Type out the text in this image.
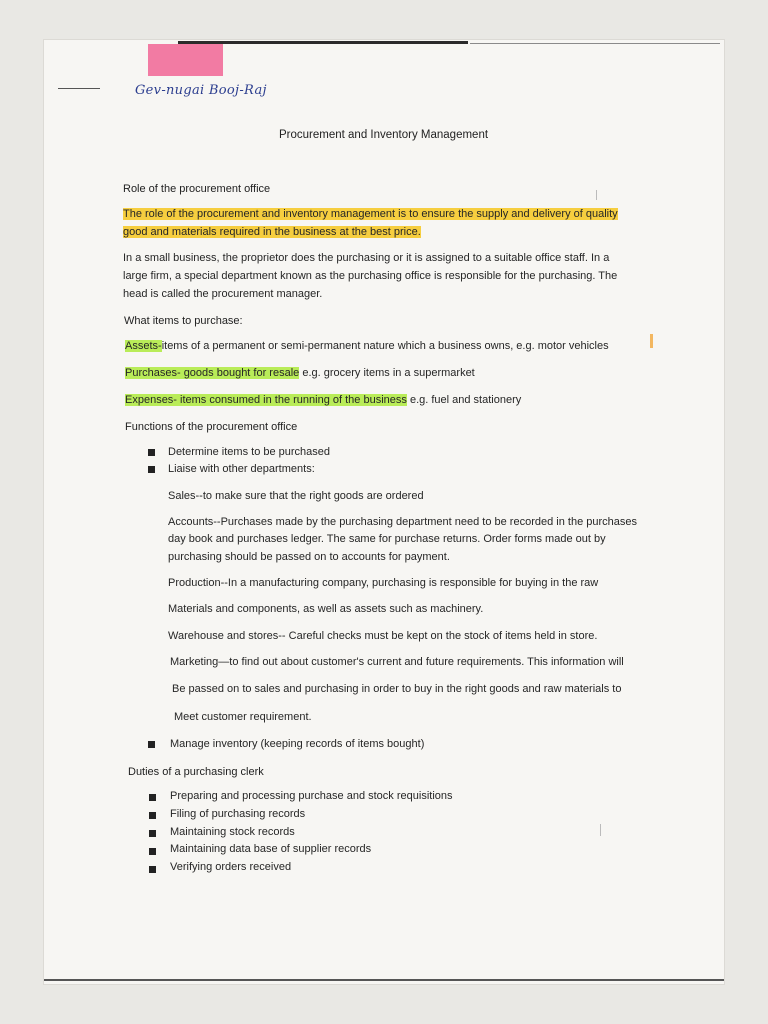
Gev-nugai Booj-Raj
Procurement and Inventory Management
Role of the procurement office
The role of the procurement and inventory management is to ensure the supply and delivery of quality
good and materials required in the business at the best price.
In a small business, the proprietor does the purchasing or it is assigned to a suitable office staff. In a
large firm, a special department known as the purchasing office is responsible for the purchasing. The
head is called the procurement manager.
What items to purchase:
Assets-items of a permanent or semi-permanent nature which a business owns, e.g. motor vehicles
Purchases- goods bought for resale e.g. grocery items in a supermarket
Expenses- items consumed in the running of the business e.g. fuel and stationery
Functions of the procurement office
Determine items to be purchased
Liaise with other departments:
Sales--to make sure that the right goods are ordered
Accounts--Purchases made by the purchasing department need to be recorded in the purchases
day book and purchases ledger. The same for purchase returns. Order forms made out by
purchasing should be passed on to accounts for payment.
Production--In a manufacturing company, purchasing is responsible for buying in the raw
Materials and components, as well as assets such as machinery.
Warehouse and stores-- Careful checks must be kept on the stock of items held in store.
Marketing—to find out about customer's current and future requirements. This information will
Be passed on to sales and purchasing in order to buy in the right goods and raw materials to
Meet customer requirement.
Manage inventory (keeping records of items bought)
Duties of a purchasing clerk
Preparing and processing purchase and stock requisitions
Filing of purchasing records
Maintaining stock records
Maintaining data base of supplier records
Verifying orders received
